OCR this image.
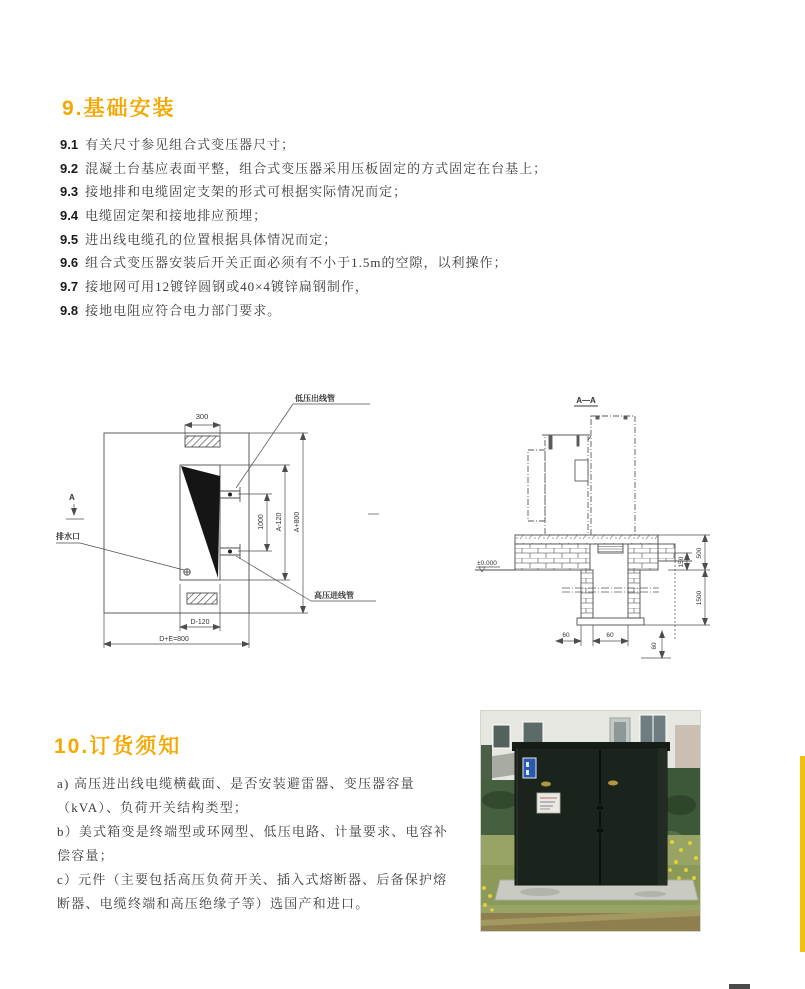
9.基础安装
9.1 有关尺寸参见组合式变压器尺寸；
9.2 混凝土台基应表面平整，组合式变压器采用压板固定的方式固定在台基上；
9.3 接地排和电缆固定支架的形式可根据实际情况而定；
9.4 电缆固定架和接地排应预埋；
9.5 进出线电缆孔的位置根据具体情况而定；
9.6 组合式变压器安装后开关正面必须有不小于1.5m的空隙，以利操作；
9.7 接地网可用12镀锌圆钢或40×4镀锌扁钢制作，
9.8 接地电阻应符合电力部门要求。
300
1000 A-120 A+800
D-120
D+E=800
低压出线管
高压进线管
排水口
A
A—A
±0.000
500
150
1500
60	60
60
10.订货须知

a) 高压进出线电缆横截面、是否安装避雷器、变压器容量（kVA）、负荷开关结构类型；

b）美式箱变是终端型或环网型、低压电路、计量要求、电容补偿容量；

c）元件（主要包括高压负荷开关、插入式熔断器、后备保护熔断器、电缆终端和高压绝缘子等）选国产和进口。
